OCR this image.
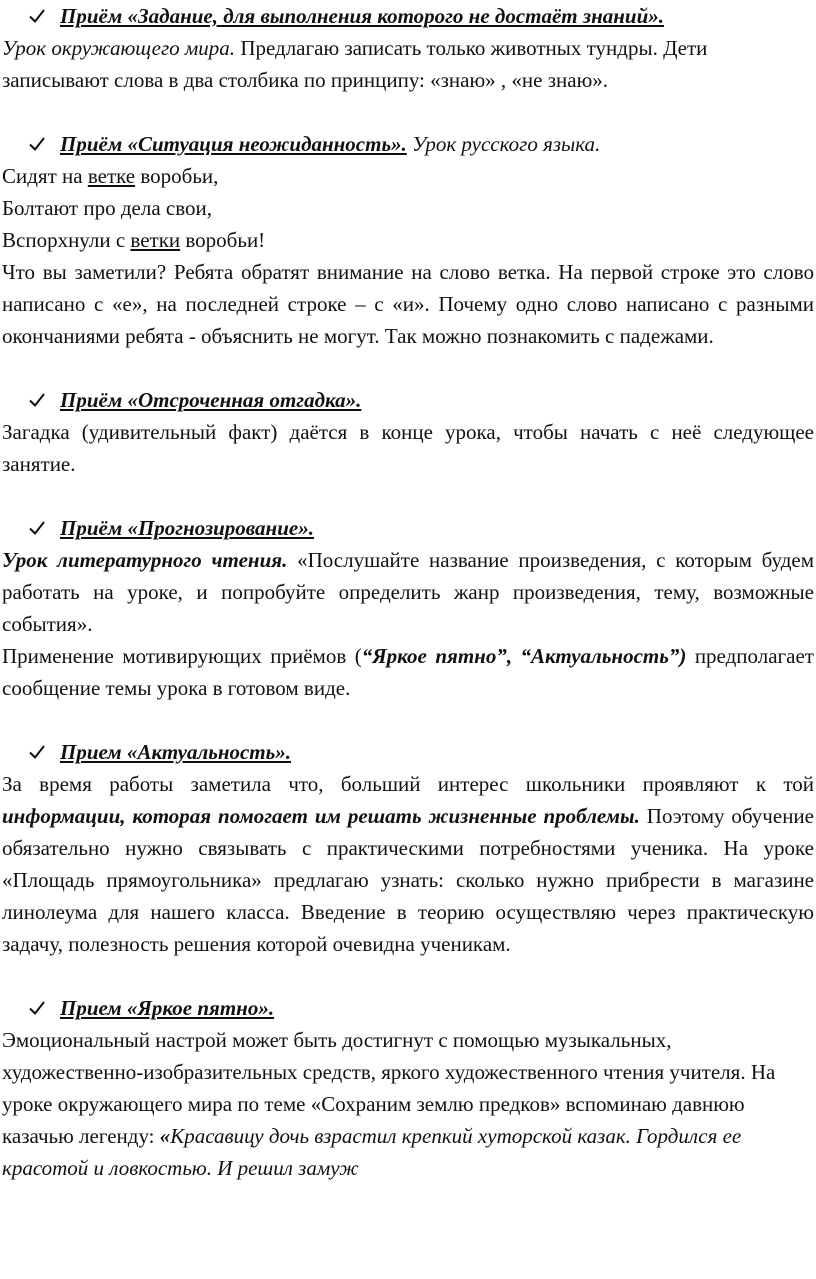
Приём «Задание, для выполнения которого не достаёт знаний».

Урок окружающего мира. Предлагаю записать только животных тундры. Дети записывают слова в два столбика по принципу: «знаю» , «не знаю».

Приём «Ситуация неожиданность». Урок русского языка.

Сидят на ветке воробьи,

Болтают про дела свои,

Вспорхнули с ветки воробьи!

Что вы заметили? Ребята обратят внимание на слово ветка. На первой строке это слово написано с «е», на последней строке – с «и». Почему одно слово написано с разными окончаниями ребята - объяснить не могут. Так можно познакомить с падежами.

Приём «Отсроченная отгадка».

Загадка (удивительный факт) даётся в конце урока, чтобы начать с неё следующее занятие.

Приём «Прогнозирование».

Урок литературного чтения. «Послушайте название произведения, с которым будем работать на уроке, и попробуйте определить жанр произведения, тему, возможные события».

Применение мотивирующих приёмов (“Яркое пятно”, “Актуальность”) предполагает сообщение темы урока в готовом виде.

Прием «Актуальность».

За время работы заметила что, больший интерес школьники проявляют к той информации, которая помогает им решать жизненные проблемы. Поэтому обучение обязательно нужно связывать с практическими потребностями ученика. На уроке «Площадь прямоугольника» предлагаю узнать: сколько нужно прибрести в магазине линолеума для нашего класса. Введение в теорию осуществляю через практическую задачу, полезность решения которой очевидна ученикам.

Прием «Яркое пятно».

Эмоциональный настрой может быть достигнут с помощью музыкальных, художественно-изобразительных средств, яркого художественного чтения учителя. На уроке окружающего мира по теме «Сохраним землю предков» вспоминаю давнюю казачью легенду: «Красавицу дочь взрастил крепкий хуторской казак. Гордился ее красотой и ловкостью. И решил замуж
